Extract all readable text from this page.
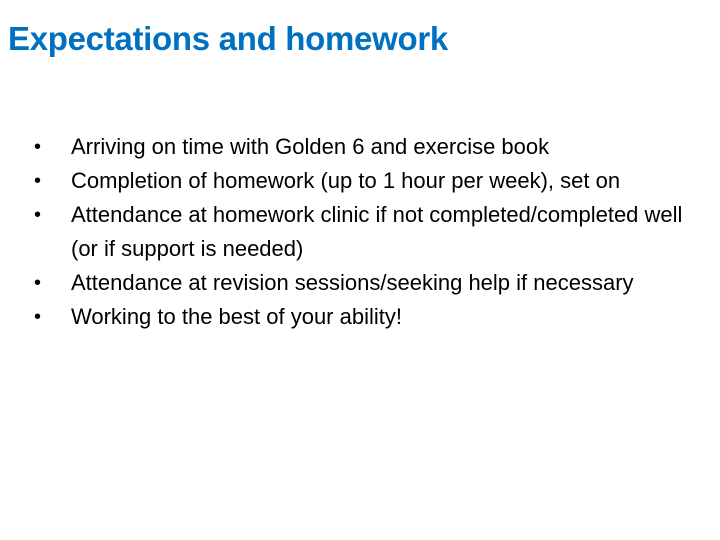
Expectations and homework
•	Arriving on time with Golden 6 and exercise book
•	Completion of homework (up to 1 hour per week), set on
•	Attendance at homework clinic if not completed/completed well (or if support is needed)
•	Attendance at revision sessions/seeking help if necessary
•	Working to the best of your ability!
